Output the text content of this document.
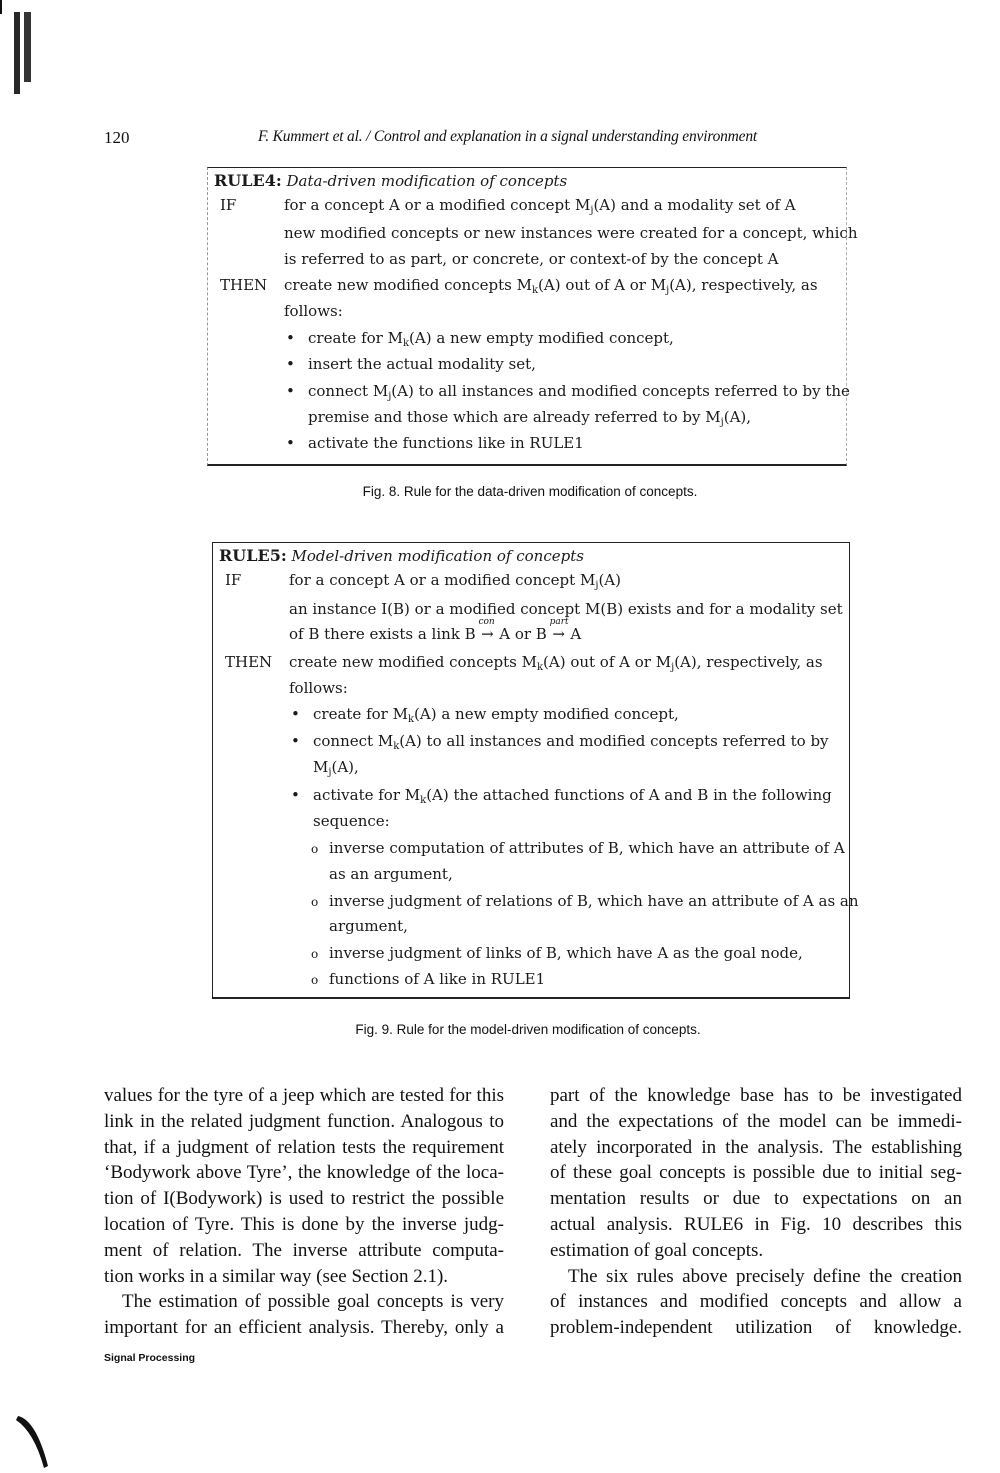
120	F. Kummert et al. / Control and explanation in a signal understanding environment
RULE4: Data-driven modification of concepts
IF	for a concept A or a modified concept $M_j(A)$ and a modality set of A
new modified concepts or new instances were created for a concept, which
is referred to as part, or concrete, or context-of by the concept A
THEN create new modified concepts $M_k(A)$ out of A or $M_j(A)$, respectively, as
follows:
• create for $M_k(A)$ a new empty modified concept,
• insert the actual modality set,
• connect $M_j(A)$ to all instances and modified concepts referred to by the
premise and those which are already referred to by $M_j(A)$,
• activate the functions like in RULE1
Fig. 8. Rule for the data-driven modification of concepts.
RULE5: Model-driven modification of concepts
IF	for a concept A or a modified concept $M_j(A)$
an instance I(B) or a modified concept M(B) exists and for a modality set
of B there exists a link B
con
→ A or B
part
→ A
THEN create new modified concepts $M_k(A)$ out of A or $M_j(A)$, respectively, as
follows:
• create for $M_k(A)$ a new empty modified concept,
• connect $M_k(A)$ to all instances and modified concepts referred to by
$M_j(A)$,
• activate for $M_k(A)$ the attached functions of A and B in the following
sequence:
o inverse computation of attributes of B, which have an attribute of A
as an argument,
o inverse judgment of relations of B, which have an attribute of A as an
argument,
o inverse judgment of links of B, which have A as the goal node,
o functions of A like in RULE1
Fig. 9. Rule for the model-driven modification of concepts.
values for the tyre of a jeep which are tested for this
link in the related judgment function. Analogous to
that, if a judgment of relation tests the requirement
‘Bodywork above Tyre’, the knowledge of the loca-
tion of I(Bodywork) is used to restrict the possible
location of Tyre. This is done by the inverse judg-
ment of relation. The inverse attribute computa-
tion works in a similar way (see Section 2.1).
The estimation of possible goal concepts is very
important for an efficient analysis. Thereby, only a
part of the knowledge base has to be investigated
and the expectations of the model can be immedi-
ately incorporated in the analysis. The establishing
of these goal concepts is possible due to initial seg-
mentation results or due to expectations on an
actual analysis. RULE6 in Fig. 10 describes this
estimation of goal concepts.
The six rules above precisely define the creation
of instances and modified concepts and allow a
problem-independent utilization of knowledge.
Signal Processing
